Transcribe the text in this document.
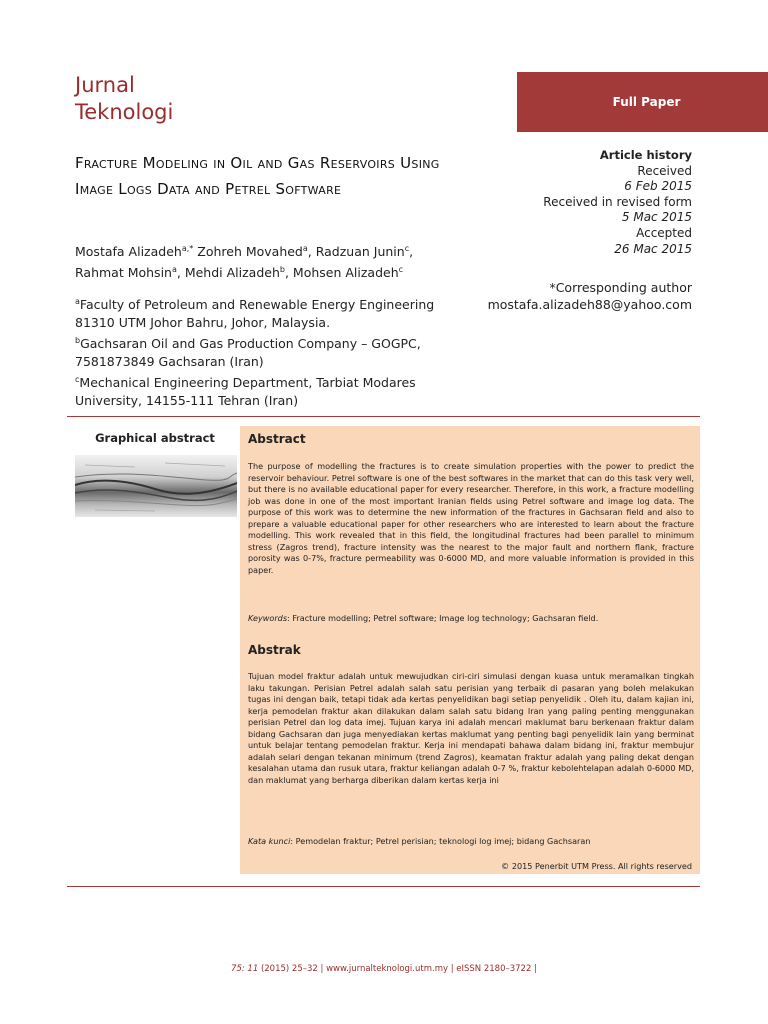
Jurnal
Teknologi	Full Paper
Fracture Modeling in Oil and Gas Reservoirs Using Image Logs Data and Petrel Software
Mostafa Alizadeh$^{a,*}$ Zohreh Movahed$^a$, Radzuan Junin$^c$, Rahmat Mohsin$^a$, Mehdi Alizadeh$^b$, Mohsen Alizadeh$^c$

$^a$Faculty of Petroleum and Renewable Energy Engineering 81310 UTM Johor Bahru, Johor, Malaysia.

$^b$Gachsaran Oil and Gas Production Company – GOGPC, 7581873849 Gachsaran (Iran)

$^c$Mechanical Engineering Department, Tarbiat Modares University, 14155-111 Tehran (Iran)

Article history
Received
6 Feb 2015
Received in revised form
5 Mac 2015
Accepted
26 Mac 2015
*Corresponding author
mostafa.alizadeh88@yahoo.com
Graphical abstract	Abstract
The purpose of modelling the fractures is to create simulation properties with the power to predict the reservoir behaviour. Petrel software is one of the best softwares in the market that can do this task very well, but there is no available educational paper for every researcher. Therefore, in this work, a fracture modelling job was done in one of the most important Iranian fields using Petrel software and image log data. The purpose of this work was to determine the new information of the fractures in Gachsaran field and also to prepare a valuable educational paper for other researchers who are interested to learn about the fracture modelling. This work revealed that in this field, the longitudinal fractures had been parallel to minimum stress (Zagros trend), fracture intensity was the nearest to the major fault and northern flank, fracture porosity was 0-7%, fracture permeability was 0-6000 MD, and more valuable information is provided in this paper.
Keywords: Fracture modelling; Petrel software; Image log technology; Gachsaran field.
Abstrak
Tujuan model fraktur adalah untuk mewujudkan ciri-ciri simulasi dengan kuasa untuk meramalkan tingkah laku takungan. Perisian Petrel adalah salah satu perisian yang terbaik di pasaran yang boleh melakukan tugas ini dengan baik, tetapi tidak ada kertas penyelidikan bagi setiap penyelidik . Oleh itu, dalam kajian ini, kerja pemodelan fraktur akan dilakukan dalam salah satu bidang Iran yang paling penting menggunakan perisian Petrel dan log data imej. Tujuan karya ini adalah mencari maklumat baru berkenaan fraktur dalam bidang Gachsaran dan juga menyediakan kertas maklumat yang penting bagi penyelidik lain yang berminat untuk belajar tentang pemodelan fraktur. Kerja ini mendapati bahawa dalam bidang ini, fraktur membujur adalah selari dengan tekanan minimum (trend Zagros), keamatan fraktur adalah yang paling dekat dengan kesalahan utama dan rusuk utara, fraktur keliangan adalah 0-7 %, fraktur kebolehtelapan adalah 0-6000 MD, dan maklumat yang berharga diberikan dalam kertas kerja ini
Kata kunci: Pemodelan fraktur; Petrel perisian; teknologi log imej; bidang Gachsaran
© 2015 Penerbit UTM Press. All rights reserved
75: 11 (2015) 25–32 | www.jurnalteknologi.utm.my | eISSN 2180–3722 |
